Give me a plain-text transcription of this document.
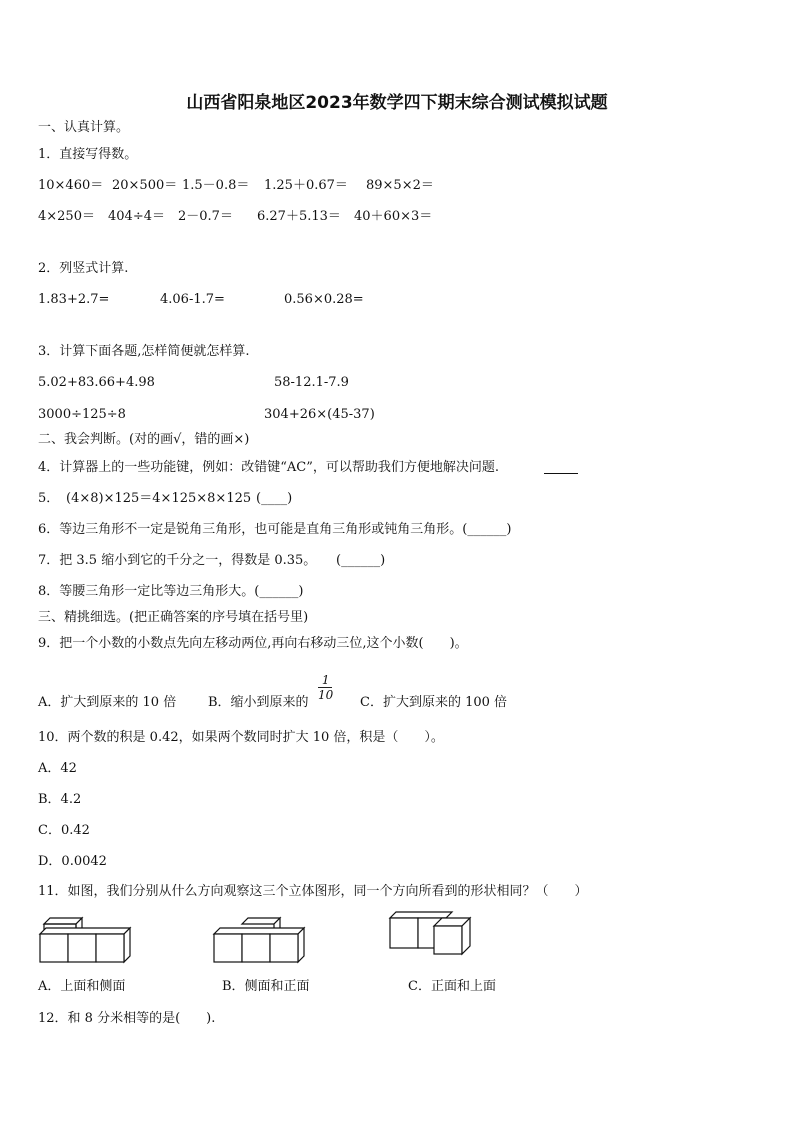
山西省阳泉地区2023年数学四下期末综合测试模拟试题
一、认真计算。
1．直接写得数。
10×460＝ 20×500＝ 1.5－0.8＝ 1.25＋0.67＝ 89×5×2＝
4×250＝ 404÷4＝ 2－0.7＝ 6.27＋5.13＝ 40＋60×3＝
2．列竖式计算.
1.83+2.7=	4.06-1.7=	0.56×0.28=
3．计算下面各题,怎样简便就怎样算.
5.02+83.66+4.98	58-12.1-7.9
3000÷125÷8	304+26×(45-37)
二、我会判断。(对的画√，错的画×)
4．计算器上的一些功能键，例如：改错键“AC”，可以帮助我们方便地解决问题.
5． (4×8)×125＝4×125×8×125 (____)
6．等边三角形不一定是锐角三角形，也可能是直角三角形或钝角三角形。(______)
7．把 3.5 缩小到它的千分之一，得数是 0.35。 (______)
8．等腰三角形一定比等边三角形大。(______)
三、精挑细选。(把正确答案的序号填在括号里)
9．把一个小数的小数点先向左移动两位,再向右移动三位,这个小数(　　)。
A．扩大到原来的 10 倍 B．缩小到原来的
1
10 C．扩大到原来的 100 倍
10．两个数的积是 0.42，如果两个数同时扩大 10 倍，积是（　　）。
A．42
B．4.2
C．0.42
D．0.0042
11．如图，我们分别从什么方向观察这三个立体图形，同一个方向所看到的形状相同？（　　）
A．上面和侧面	B．侧面和正面	C．正面和上面
12．和 8 分米相等的是(　　).
